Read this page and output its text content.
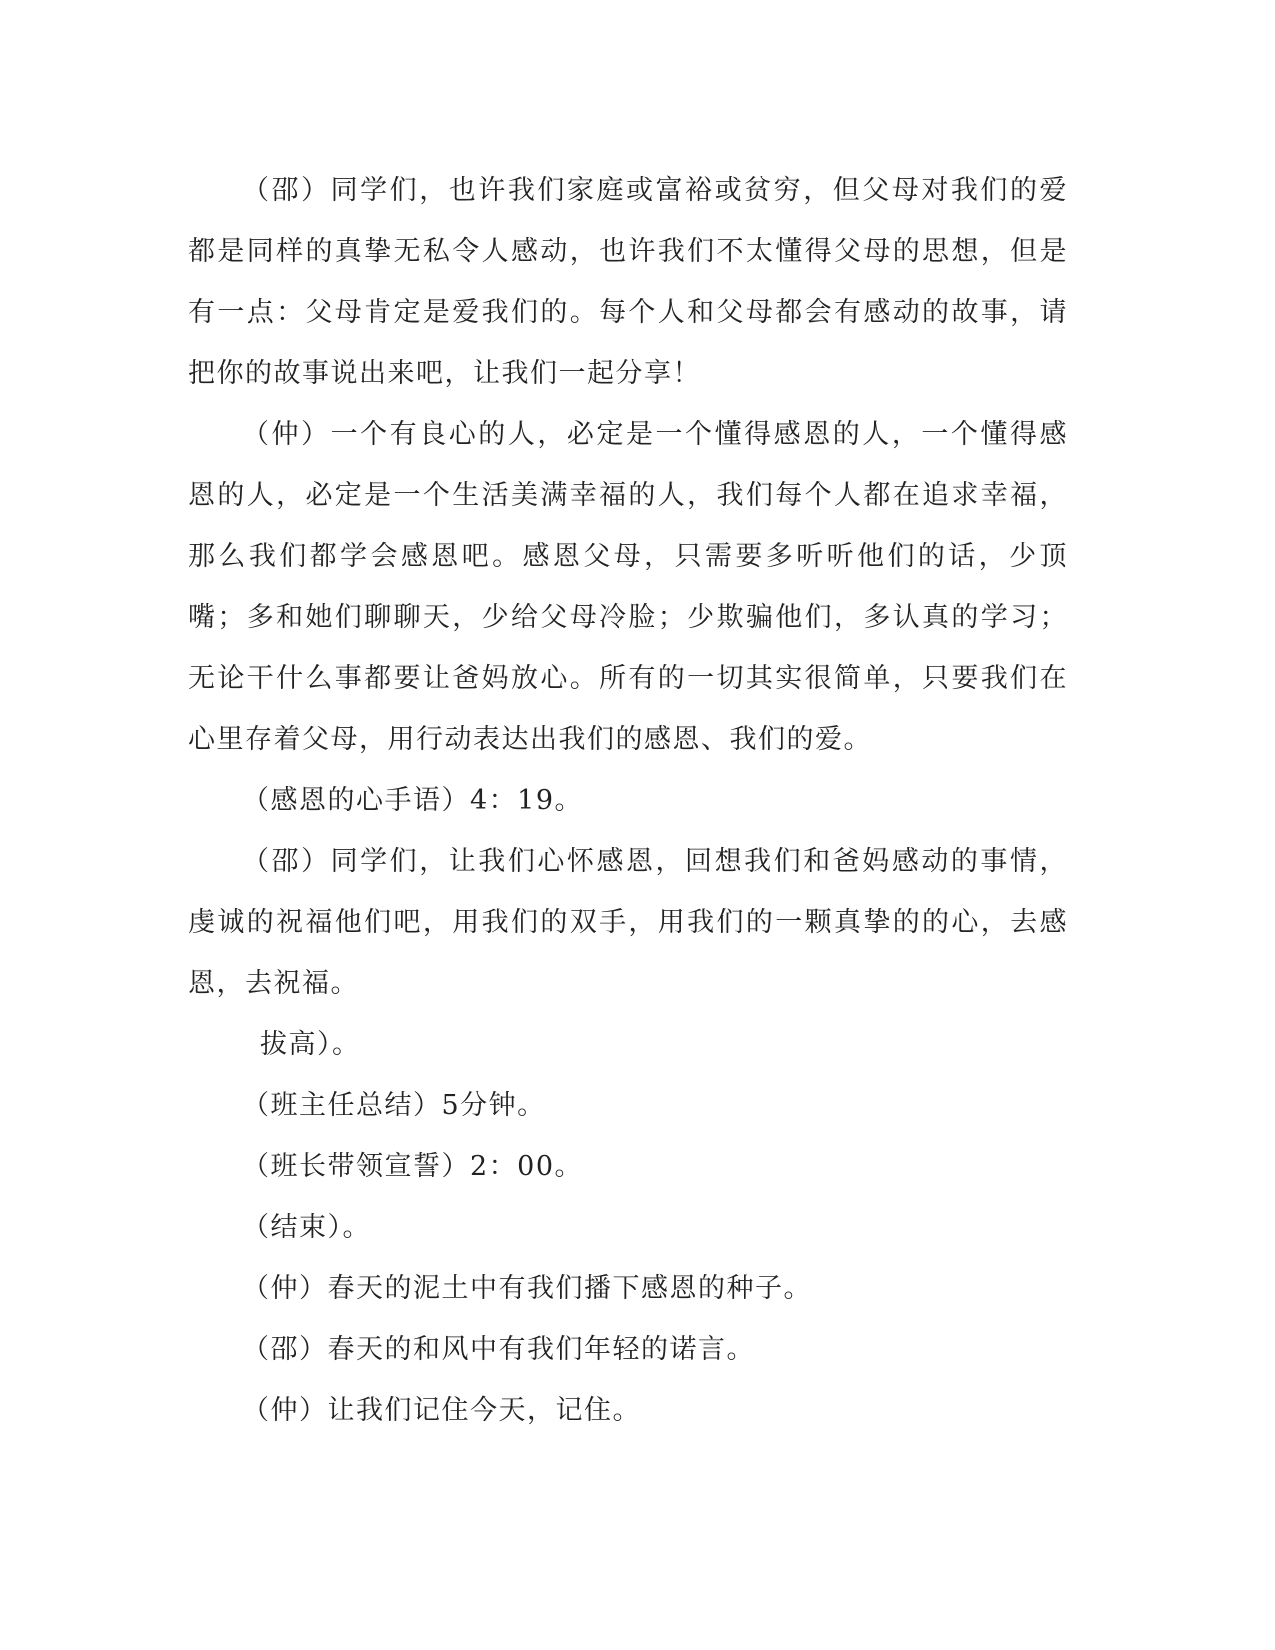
（邵）同学们，也许我们家庭或富裕或贫穷，但父母对我们的爱都是同样的真挚无私令人感动，也许我们不太懂得父母的思想，但是有一点：父母肯定是爱我们的。每个人和父母都会有感动的故事，请把你的故事说出来吧，让我们一起分享！

（仲）一个有良心的人，必定是一个懂得感恩的人，一个懂得感恩的人，必定是一个生活美满幸福的人，我们每个人都在追求幸福，那么我们都学会感恩吧。感恩父母，只需要多听听他们的话，少顶嘴；多和她们聊聊天，少给父母冷脸；少欺骗他们，多认真的学习；无论干什么事都要让爸妈放心。所有的一切其实很简单，只要我们在心里存着父母，用行动表达出我们的感恩、我们的爱。

（感恩的心手语）4：19。

（邵）同学们，让我们心怀感恩，回想我们和爸妈感动的事情，虔诚的祝福他们吧，用我们的双手，用我们的一颗真挚的的心，去感恩，去祝福。

拔高）。

（班主任总结）5分钟。

（班长带领宣誓）2：00。

（结束）。

（仲）春天的泥土中有我们播下感恩的种子。

（邵）春天的和风中有我们年轻的诺言。

（仲）让我们记住今天，记住。
